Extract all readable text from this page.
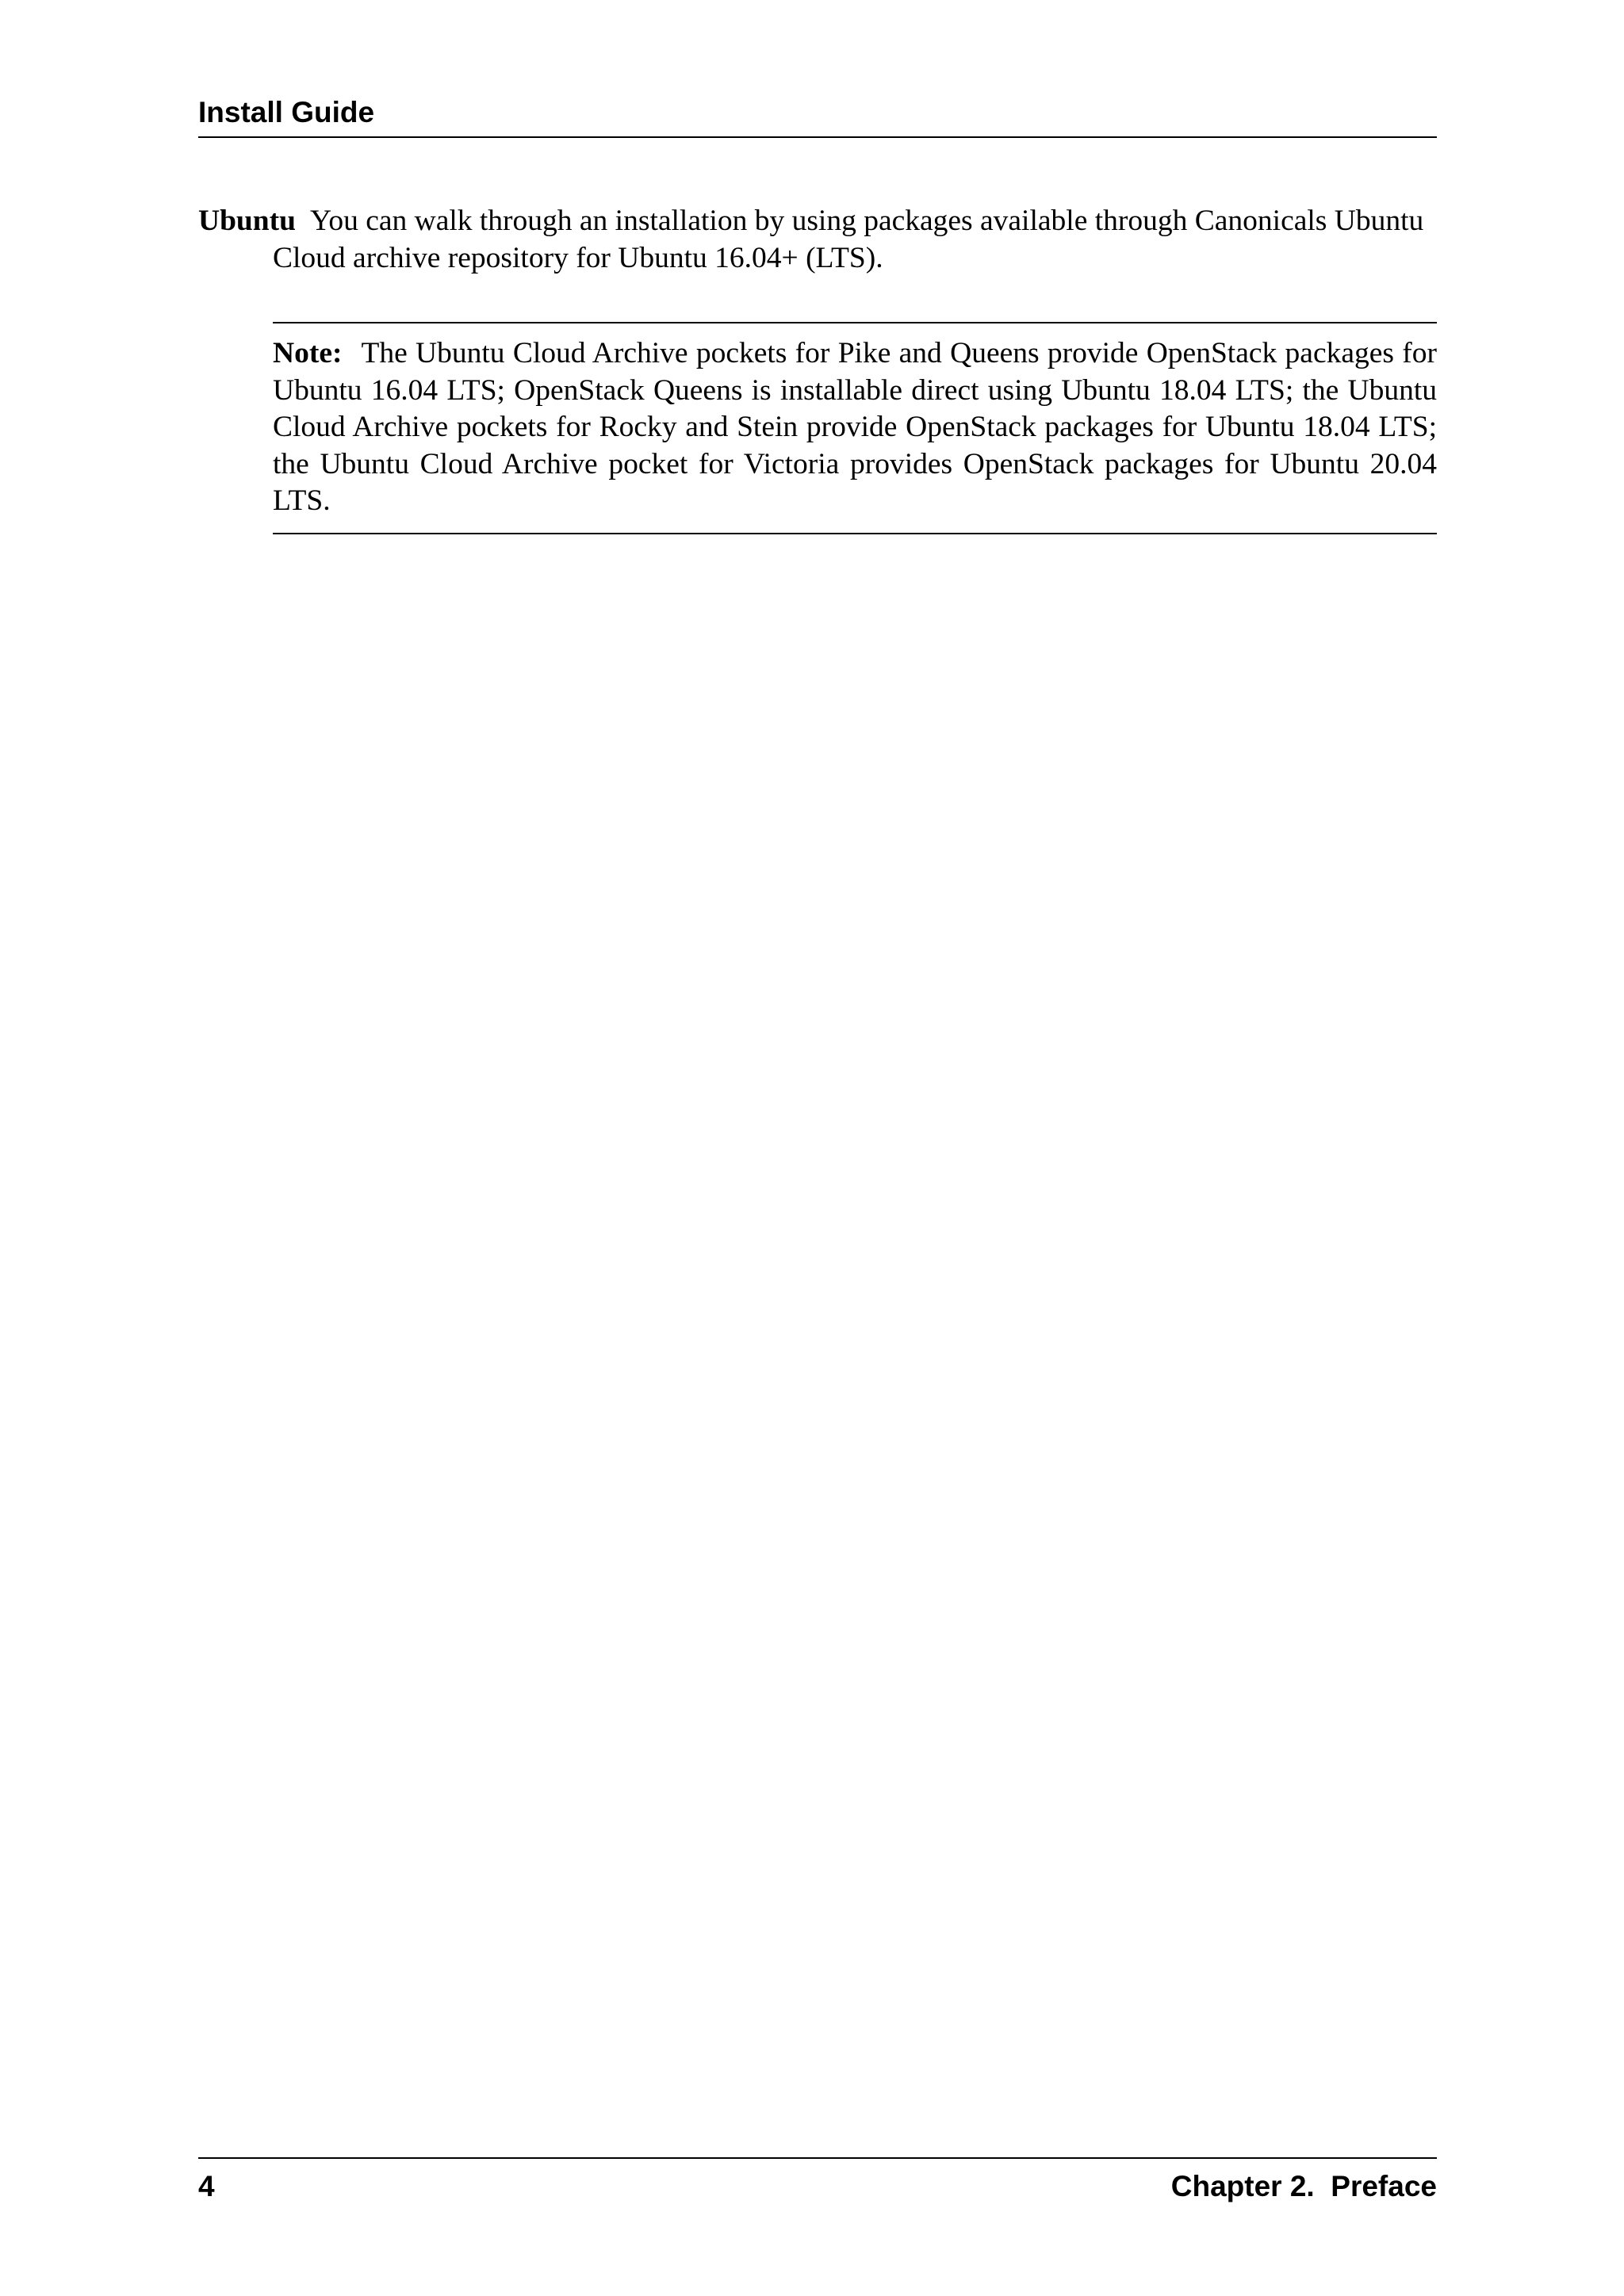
Install Guide
Ubuntu You can walk through an installation by using packages available through Canonicals Ubuntu
Cloud archive repository for Ubuntu 16.04+ (LTS).
Note: The Ubuntu Cloud Archive pockets for Pike and Queens provide OpenStack packages for Ubuntu 16.04 LTS; OpenStack Queens is installable direct using Ubuntu 18.04 LTS; the Ubuntu Cloud Archive pockets for Rocky and Stein provide OpenStack packages for Ubuntu 18.04 LTS; the Ubuntu Cloud Archive pocket for Victoria provides OpenStack packages for Ubuntu 20.04 LTS.
4	Chapter 2.  Preface
